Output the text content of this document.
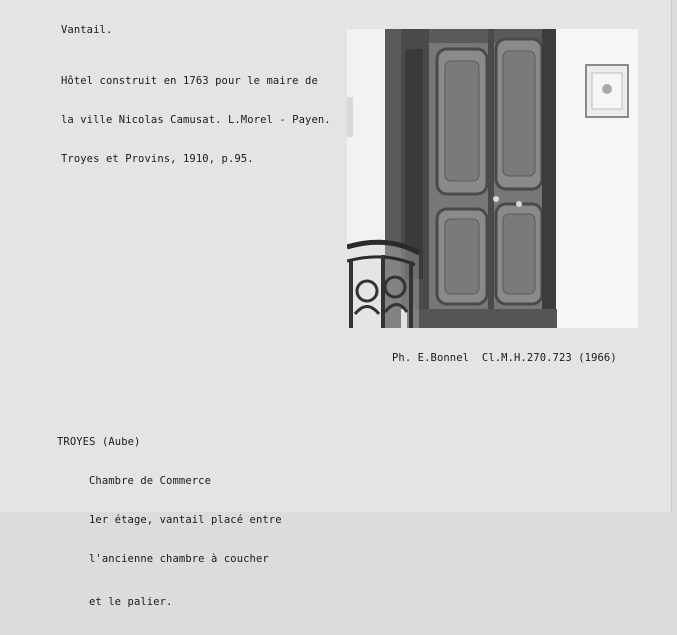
Vantail.

Hôtel construit en 1763 pour le maire de

la ville Nicolas Camusat. L.Morel - Payen.

Troyes et Provins, 1910, p.95.

Ph. E.Bonnel  Cl.M.H.270.723 (1966)

TROYES (Aube)

Chambre de Commerce

1er étage, vantail placé entre

l'ancienne chambre à coucher

et le palier.
